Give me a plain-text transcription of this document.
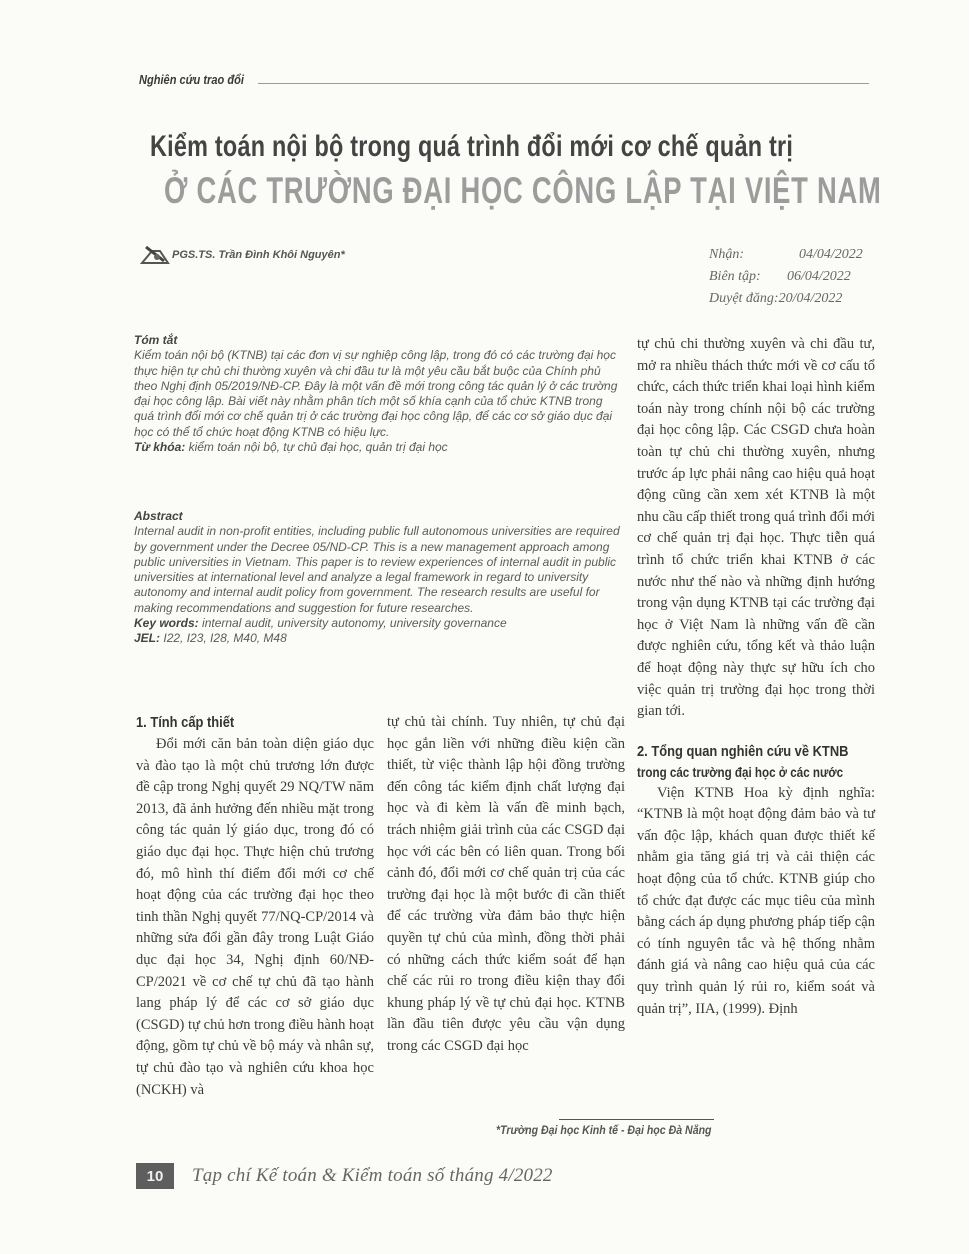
Nghiên cứu trao đổi
Kiểm toán nội bộ trong quá trình đổi mới cơ chế quản trị
Ở CÁC TRƯỜNG ĐẠI HỌC CÔNG LẬP TẠI VIỆT NAM
PGS.TS. Trần Đình Khôi Nguyên*	Nhận:	04/04/2022
Biên tập:	06/04/2022
Duyệt đăng: 20/04/2022
Tóm tắt
Kiểm toán nội bộ (KTNB) tại các đơn vị sự nghiệp công lập, trong đó có các trường đại học thực hiện tự chủ chi thường xuyên và chi đầu tư là một yêu cầu bắt buộc của Chính phủ theo Nghị định 05/2019/NĐ-CP. Đây là một vấn đề mới trong công tác quản lý ở các trường đại học công lập. Bài viết này nhằm phân tích một số khía cạnh của tổ chức KTNB trong quá trình đổi mới cơ chế quản trị ở các trường đại học công lập, để các cơ sở giáo dục đại học có thể tổ chức hoạt động KTNB có hiệu lực.
Từ khóa: kiểm toán nội bộ, tự chủ đại học, quản trị đại học
Abstract
Internal audit in non-profit entities, including public full autonomous universities are required by government under the Decree 05/ND-CP. This is a new management approach among public universities in Vietnam. This paper is to review experiences of internal audit in public universities at international level and analyze a legal framework in regard to university autonomy and internal audit policy from government. The research results are useful for making recommendations and suggestion for future researches.
Key words: internal audit, university autonomy, university governance
JEL: I22, I23, I28, M40, M48
1. Tính cấp thiết

Đổi mới căn bản toàn diện giáo dục và đào tạo là một chủ trương lớn được đề cập trong Nghị quyết 29 NQ/TW năm 2013, đã ảnh hưởng đến nhiều mặt trong công tác quản lý giáo dục, trong đó có giáo dục đại học. Thực hiện chủ trương đó, mô hình thí điểm đổi mới cơ chế hoạt động của các trường đại học theo tinh thần Nghị quyết 77/NQ-CP/2014 và những sửa đổi gần đây trong Luật Giáo dục đại học 34, Nghị định 60/NĐ-CP/2021 về cơ chế tự chủ đã tạo hành lang pháp lý để các cơ sở giáo dục (CSGD) tự chủ hơn trong điều hành hoạt động, gồm tự chủ về bộ máy và nhân sự, tự chủ đào tạo và nghiên cứu khoa học (NCKH) và

tự chủ tài chính. Tuy nhiên, tự chủ đại học gắn liền với những điều kiện cần thiết, từ việc thành lập hội đồng trường đến công tác kiểm định chất lượng đại học và đi kèm là vấn đề minh bạch, trách nhiệm giải trình của các CSGD đại học với các bên có liên quan. Trong bối cảnh đó, đổi mới cơ chế quản trị của các trường đại học là một bước đi cần thiết để các trường vừa đảm bảo thực hiện quyền tự chủ của mình, đồng thời phải có những cách thức kiểm soát để hạn chế các rủi ro trong điều kiện thay đổi khung pháp lý về tự chủ đại học. KTNB lần đầu tiên được yêu cầu vận dụng trong các CSGD đại học

tự chủ chi thường xuyên và chi đầu tư, mở ra nhiều thách thức mới về cơ cấu tổ chức, cách thức triển khai loại hình kiểm toán này trong chính nội bộ các trường đại học công lập. Các CSGD chưa hoàn toàn tự chủ chi thường xuyên, nhưng trước áp lực phải nâng cao hiệu quả hoạt động cũng cần xem xét KTNB là một nhu cầu cấp thiết trong quá trình đổi mới cơ chế quản trị đại học. Thực tiễn quá trình tổ chức triển khai KTNB ở các nước như thế nào và những định hướng trong vận dụng KTNB tại các trường đại học ở Việt Nam là những vấn đề cần được nghiên cứu, tổng kết và thảo luận để hoạt động này thực sự hữu ích cho việc quản trị trường đại học trong thời gian tới.

2. Tổng quan nghiên cứu về KTNB
trong các trường đại học ở các nước

Viện KTNB Hoa kỳ định nghĩa: “KTNB là một hoạt động đảm bảo và tư vấn độc lập, khách quan được thiết kế nhằm gia tăng giá trị và cải thiện các hoạt động của tổ chức. KTNB giúp cho tổ chức đạt được các mục tiêu của mình bằng cách áp dụng phương pháp tiếp cận có tính nguyên tắc và hệ thống nhằm đánh giá và nâng cao hiệu quả của các quy trình quản lý rủi ro, kiểm soát và quản trị”, IIA, (1999). Định

*Trường Đại học Kinh tế - Đại học Đà Nẵng
10	Tạp chí Kế toán & Kiểm toán số tháng 4/2022
